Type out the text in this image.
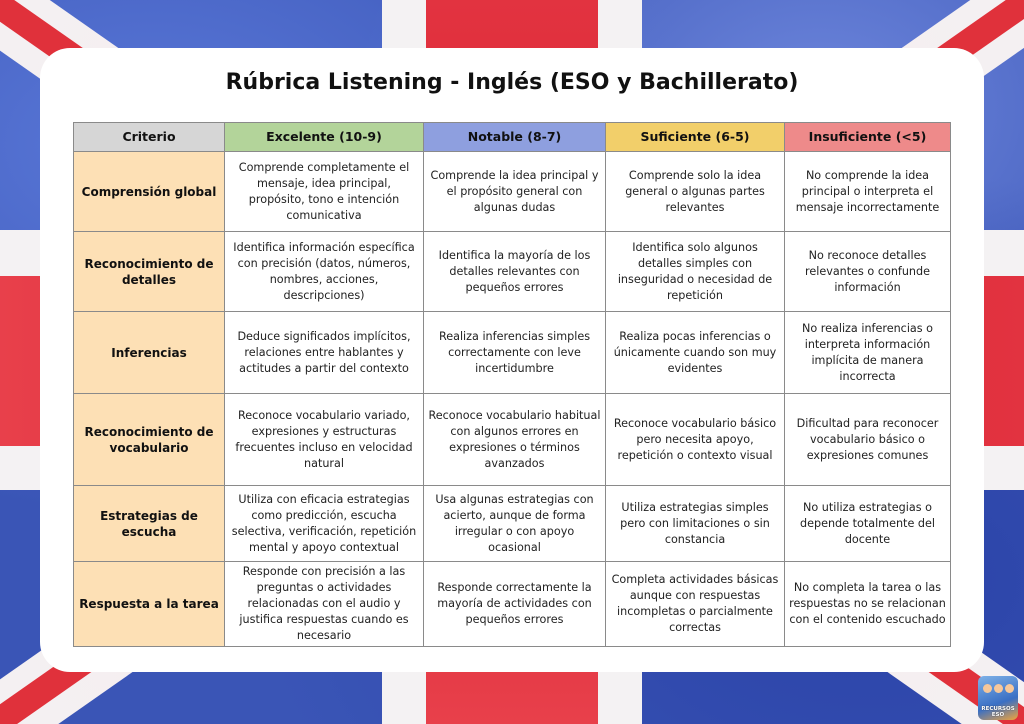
Rúbrica Listening - Inglés (ESO y Bachillerato)
Criterio	Excelente (10-9)	Notable (8-7)	Suficiente (6-5)	Insuficiente (<5)
Comprensión global	Comprende completamente el mensaje, idea principal, propósito, tono e intención comunicativa	Comprende la idea principal y el propósito general con algunas dudas	Comprende solo la idea general o algunas partes relevantes	No comprende la idea principal o interpreta el mensaje incorrectamente
Reconocimiento de detalles	Identifica información específica con precisión (datos, números, nombres, acciones, descripciones)	Identifica la mayoría de los detalles relevantes con pequeños errores	Identifica solo algunos detalles simples con inseguridad o necesidad de repetición	No reconoce detalles relevantes o confunde información
Inferencias	Deduce significados implícitos, relaciones entre hablantes y actitudes a partir del contexto	Realiza inferencias simples correctamente con leve incertidumbre	Realiza pocas inferencias o únicamente cuando son muy evidentes	No realiza inferencias o interpreta información implícita de manera incorrecta
Reconocimiento de vocabulario	Reconoce vocabulario variado, expresiones y estructuras frecuentes incluso en velocidad natural	Reconoce vocabulario habitual con algunos errores en expresiones o términos avanzados	Reconoce vocabulario básico pero necesita apoyo, repetición o contexto visual	Dificultad para reconocer vocabulario básico o expresiones comunes
Estrategias de escucha	Utiliza con eficacia estrategias como predicción, escucha selectiva, verificación, repetición mental y apoyo contextual	Usa algunas estrategias con acierto, aunque de forma irregular o con apoyo ocasional	Utiliza estrategias simples pero con limitaciones o sin constancia	No utiliza estrategias o depende totalmente del docente
Respuesta a la tarea	Responde con precisión a las preguntas o actividades relacionadas con el audio y justifica respuestas cuando es necesario	Responde correctamente la mayoría de actividades con pequeños errores	Completa actividades básicas aunque con respuestas incompletas o parcialmente correctas	No completa la tarea o las respuestas no se relacionan con el contenido escuchado
RECURSOS ESO
